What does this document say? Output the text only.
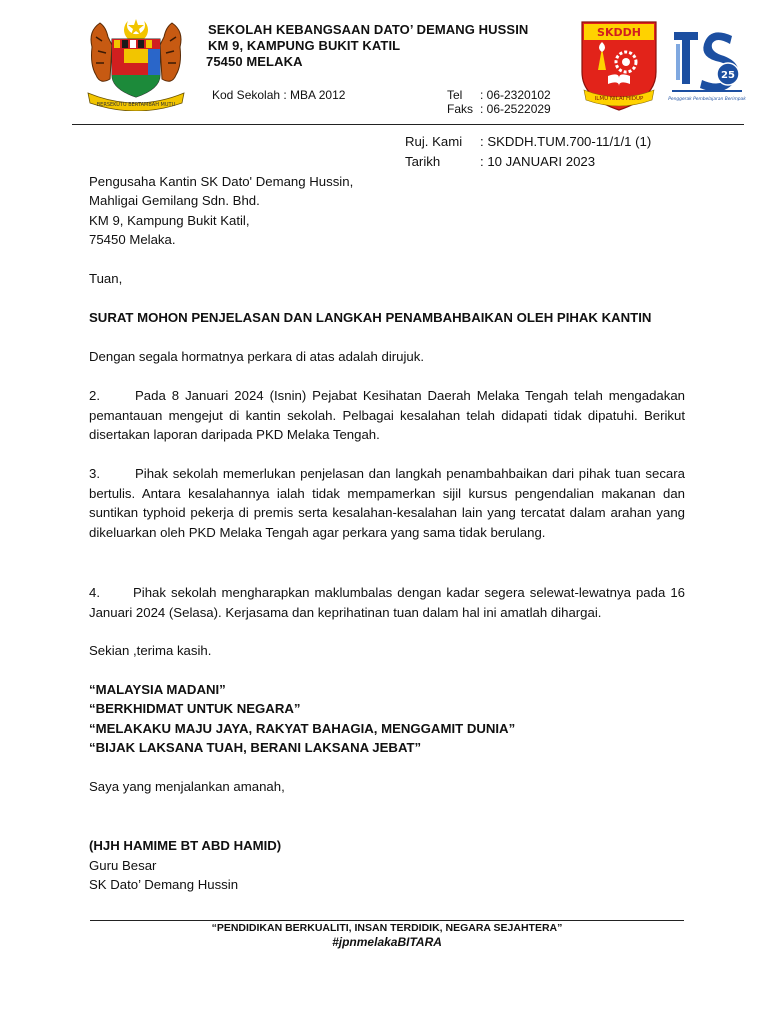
BERSEKUTU BERTAMBAH MUTU
SEKOLAH KEBANGSAAN DATO’ DEMANG HUSSIN
KM 9, KAMPUNG BUKIT KATIL
75450 MELAKA
Kod Sekolah : MBA 2012	Tel : 06-2320102
Faks : 06-2522029
SKDDH
ILMU NILAI HIDUP
25
Penggerak Pembelajaran Berimpak
Ruj. Kami : SKDDH.TUM.700-11/1/1 (1)
Tarikh	: 10 JANUARI 2023
Pengusaha Kantin SK Dato' Demang Hussin,
Mahligai Gemilang Sdn. Bhd.
KM 9, Kampung Bukit Katil,
75450 Melaka.
Tuan,
SURAT MOHON PENJELASAN DAN LANGKAH PENAMBAHBAIKAN OLEH PIHAK KANTIN
Dengan segala hormatnya perkara di atas adalah dirujuk.
2.	Pada 8 Januari 2024 (Isnin) Pejabat Kesihatan Daerah Melaka Tengah telah mengadakan pemantauan mengejut di kantin sekolah. Pelbagai kesalahan telah didapati tidak dipatuhi. Berikut disertakan laporan daripada PKD Melaka Tengah.
3.	Pihak sekolah memerlukan penjelasan dan langkah penambahbaikan dari pihak tuan secara bertulis. Antara kesalahannya ialah tidak mempamerkan sijil kursus pengendalian makanan dan suntikan typhoid pekerja di premis serta kesalahan-kesalahan lain yang tercatat dalam arahan yang dikeluarkan oleh PKD Melaka Tengah agar perkara yang sama tidak berulang.
4.	Pihak sekolah mengharapkan maklumbalas dengan kadar segera selewat-lewatnya pada 16 Januari 2024 (Selasa). Kerjasama dan keprihatinan tuan dalam hal ini amatlah dihargai.
Sekian ,terima kasih.
“MALAYSIA MADANI”
“BERKHIDMAT UNTUK NEGARA”
“MELAKAKU MAJU JAYA, RAKYAT BAHAGIA, MENGGAMIT DUNIA”
“BIJAK LAKSANA TUAH, BERANI LAKSANA JEBAT”
Saya yang menjalankan amanah,
(HJH HAMIME BT ABD HAMID)
Guru Besar
SK Dato’ Demang Hussin
“PENDIDIKAN BERKUALITI, INSAN TERDIDIK, NEGARA SEJAHTERA”
#jpnmelakaBITARA
